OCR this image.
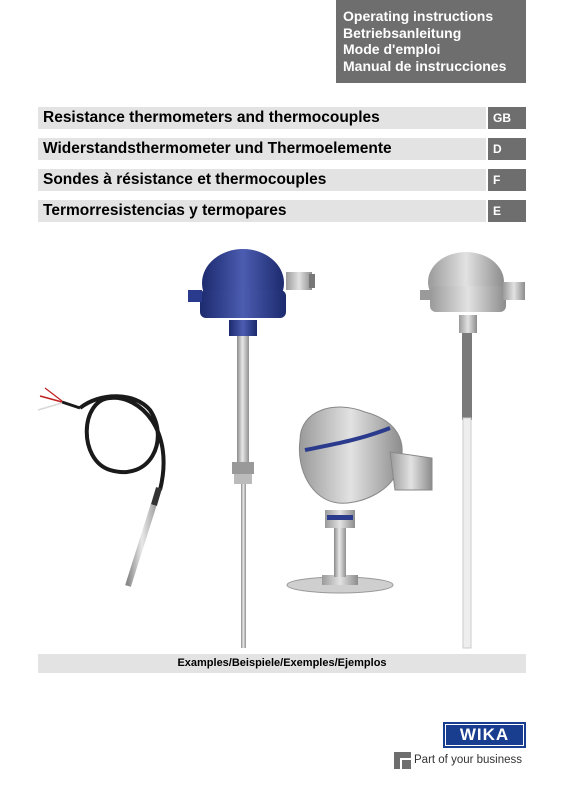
Operating instructions
Betriebsanleitung
Mode d'emploi
Manual de instrucciones
Resistance thermometers and thermocouples	GB
Widerstandsthermometer und Thermoelemente	D
Sondes à résistance et thermocouples	F
Termorresistencias y termopares	E
Examples/Beispiele/Exemples/Ejemplos
WIKA
Part of your business
